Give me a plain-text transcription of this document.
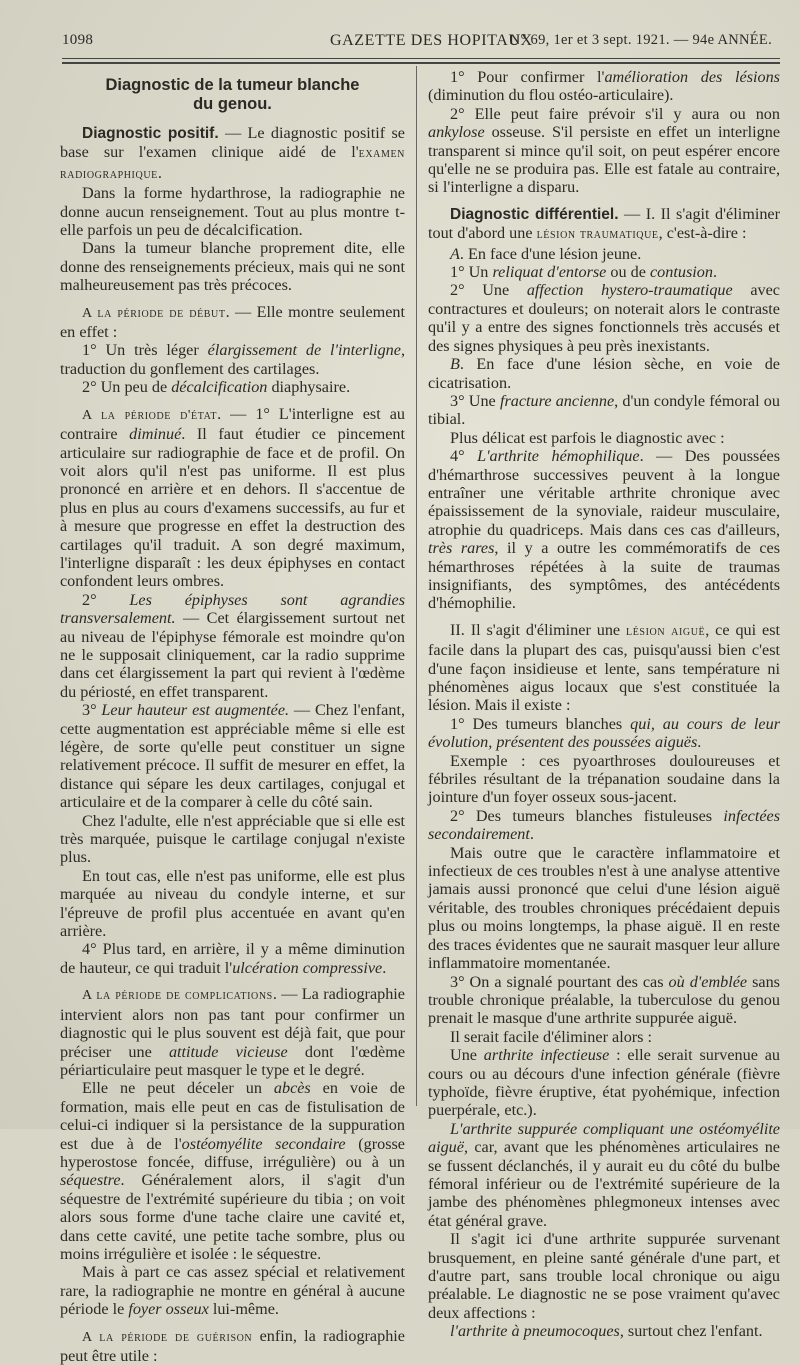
1098	GAZETTE DES HOPITAUX
N° 69, 1er et 3 sept. 1921. — 94e ANNÉE.
Diagnostic de la tumeur blanche
du genou.

Diagnostic positif. — Le diagnostic positif se base sur l'examen clinique aidé de l'examen radiographique.

Dans la forme hydarthrose, la radiographie ne donne aucun renseignement. Tout au plus montre t-elle parfois un peu de décalcification.

Dans la tumeur blanche proprement dite, elle donne des renseignements précieux, mais qui ne sont malheureusement pas très précoces.

A la période de début. — Elle montre seulement en effet :

1° Un très léger élargissement de l'interligne, traduction du gonflement des cartilages.

2° Un peu de décalcification diaphysaire.

A la période d'état. — 1° L'interligne est au contraire diminué. Il faut étudier ce pincement articulaire sur radiographie de face et de profil. On voit alors qu'il n'est pas uniforme. Il est plus prononcé en arrière et en dehors. Il s'accentue de plus en plus au cours d'examens successifs, au fur et à mesure que progresse en effet la destruction des cartilages qu'il traduit. A son degré maximum, l'interligne disparaît : les deux épiphyses en contact confondent leurs ombres.

2° Les épiphyses sont agrandies transversalement. — Cet élargissement surtout net au niveau de l'épiphyse fémorale est moindre qu'on ne le supposait cliniquement, car la radio supprime dans cet élargissement la part qui revient à l'œdème du périosté, en effet transparent.

3° Leur hauteur est augmentée. — Chez l'enfant, cette augmentation est appréciable même si elle est légère, de sorte qu'elle peut constituer un signe relativement précoce. Il suffit de mesurer en effet, la distance qui sépare les deux cartilages, conjugal et articulaire et de la comparer à celle du côté sain.

Chez l'adulte, elle n'est appréciable que si elle est très marquée, puisque le cartilage conjugal n'existe plus.

En tout cas, elle n'est pas uniforme, elle est plus marquée au niveau du condyle interne, et sur l'épreuve de profil plus accentuée en avant qu'en arrière.

4° Plus tard, en arrière, il y a même diminution de hauteur, ce qui traduit l'ulcération compressive.

A la période de complications. — La radiographie intervient alors non pas tant pour confirmer un diagnostic qui le plus souvent est déjà fait, que pour préciser une attitude vicieuse dont l'œdème périarticulaire peut masquer le type et le degré.

Elle ne peut déceler un abcès en voie de formation, mais elle peut en cas de fistulisation de celui-ci indiquer si la persistance de la suppuration est due à de l'ostéomyélite secondaire (grosse hyperostose foncée, diffuse, irrégulière) ou à un séquestre. Généralement alors, il s'agit d'un séquestre de l'extrémité supérieure du tibia ; on voit alors sous forme d'une tache claire une cavité et, dans cette cavité, une petite tache sombre, plus ou moins irrégulière et isolée : le séquestre.

Mais à part ce cas assez spécial et relativement rare, la radiographie ne montre en général à aucune période le foyer osseux lui-même.

A la période de guérison enfin, la radiographie peut être utile :

1° Pour confirmer l'amélioration des lésions (diminution du flou ostéo-articulaire).

2° Elle peut faire prévoir s'il y aura ou non ankylose osseuse. S'il persiste en effet un interligne transparent si mince qu'il soit, on peut espérer encore qu'elle ne se produira pas. Elle est fatale au contraire, si l'interligne a disparu.

Diagnostic différentiel. — I. Il s'agit d'éliminer tout d'abord une lésion traumatique, c'est-à-dire :

A. En face d'une lésion jeune.

1° Un reliquat d'entorse ou de contusion.

2° Une affection hystero-traumatique avec contractures et douleurs; on noterait alors le contraste qu'il y a entre des signes fonctionnels très accusés et des signes physiques à peu près inexistants.

B. En face d'une lésion sèche, en voie de cicatrisation.

3° Une fracture ancienne, d'un condyle fémoral ou tibial.

Plus délicat est parfois le diagnostic avec :

4° L'arthrite hémophilique. — Des poussées d'hémarthrose successives peuvent à la longue entraîner une véritable arthrite chronique avec épaississement de la synoviale, raideur musculaire, atrophie du quadriceps. Mais dans ces cas d'ailleurs, très rares, il y a outre les commémoratifs de ces hémarthroses répétées à la suite de traumas insignifiants, des symptômes, des antécédents d'hémophilie.

II. Il s'agit d'éliminer une lésion aiguë, ce qui est facile dans la plupart des cas, puisqu'aussi bien c'est d'une façon insidieuse et lente, sans température ni phénomènes aigus locaux que s'est constituée la lésion. Mais il existe :

1° Des tumeurs blanches qui, au cours de leur évolution, présentent des poussées aiguës.

Exemple : ces pyoarthroses douloureuses et fébriles résultant de la trépanation soudaine dans la jointure d'un foyer osseux sous-jacent.

2° Des tumeurs blanches fistuleuses infectées secondairement.

Mais outre que le caractère inflammatoire et infectieux de ces troubles n'est à une analyse attentive jamais aussi prononcé que celui d'une lésion aiguë véritable, des troubles chroniques précédaient depuis plus ou moins longtemps, la phase aiguë. Il en reste des traces évidentes que ne saurait masquer leur allure inflammatoire momentanée.

3° On a signalé pourtant des cas où d'emblée sans trouble chronique préalable, la tuberculose du genou prenait le masque d'une arthrite suppurée aiguë.

Il serait facile d'éliminer alors :

Une arthrite infectieuse : elle serait survenue au cours ou au décours d'une infection générale (fièvre typhoïde, fièvre éruptive, état pyohémique, infection puerpérale, etc.).

L'arthrite suppurée compliquant une ostéomyélite aiguë, car, avant que les phénomènes articulaires ne se fussent déclanchés, il y aurait eu du côté du bulbe fémoral inférieur ou de l'extrémité supérieure de la jambe des phénomènes phlegmoneux intenses avec état général grave.

Il s'agit ici d'une arthrite suppurée survenant brusquement, en pleine santé générale d'une part, et d'autre part, sans trouble local chronique ou aigu préalable. Le diagnostic ne se pose vraiment qu'avec deux affections :

l'arthrite à pneumocoques, surtout chez l'enfant.
